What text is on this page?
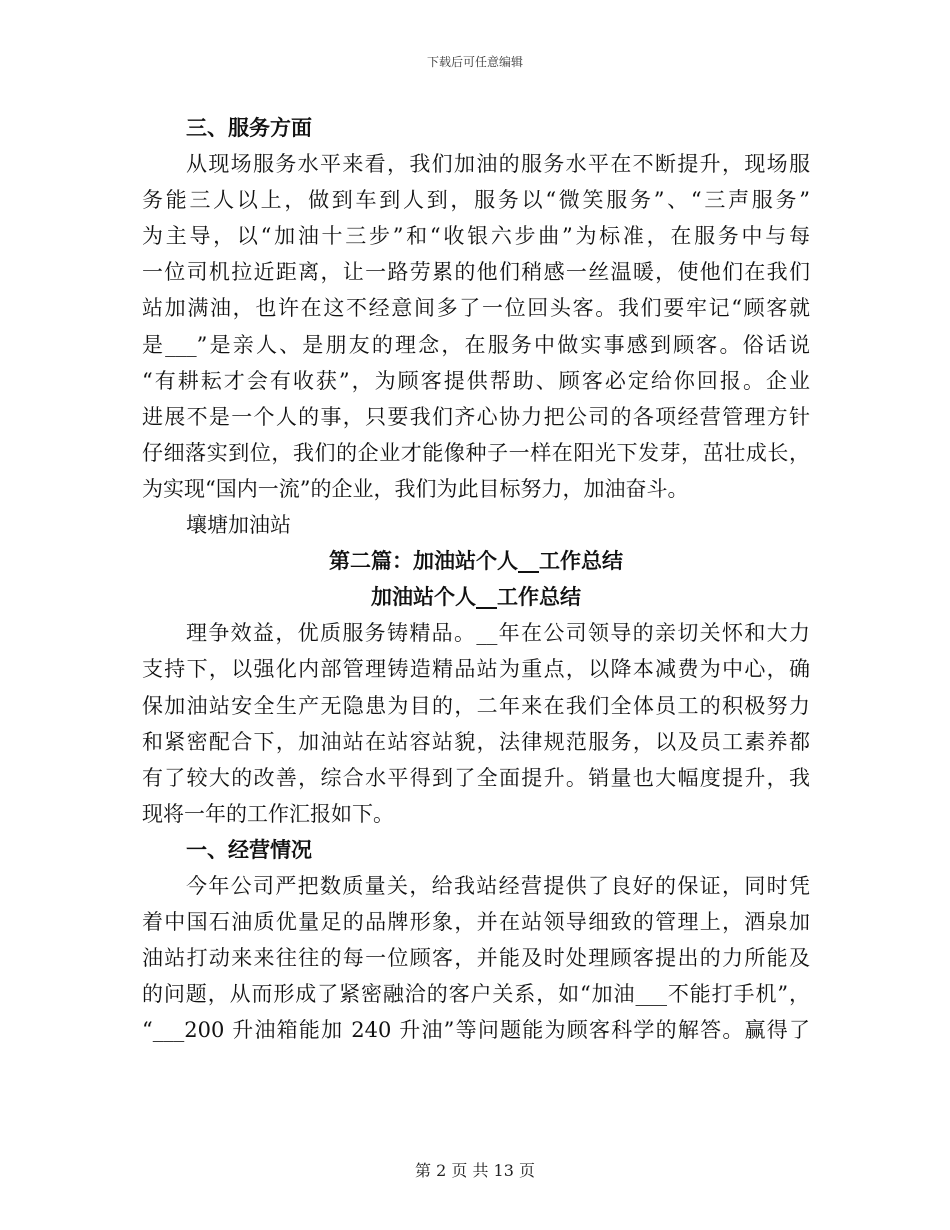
下载后可任意编辑
三、服务方面
从现场服务水平来看，我们加油的服务水平在不断提升，现场服
务能三人以上，做到车到人到，服务以“微笑服务”、“三声服务”
为主导，以“加油十三步”和“收银六步曲”为标准，在服务中与每
一位司机拉近距离，让一路劳累的他们稍感一丝温暖，使他们在我们
站加满油，也许在这不经意间多了一位回头客。我们要牢记“顾客就
是___”是亲人、是朋友的理念，在服务中做实事感到顾客。俗话说
“有耕耘才会有收获”，为顾客提供帮助、顾客必定给你回报。企业
进展不是一个人的事，只要我们齐心协力把公司的各项经营管理方针
仔细落实到位，我们的企业才能像种子一样在阳光下发芽，茁壮成长，
为实现“国内一流”的企业，我们为此目标努力，加油奋斗。
壤塘加油站
第二篇：加油站个人__工作总结
加油站个人__工作总结
理争效益，优质服务铸精品。__年在公司领导的亲切关怀和大力
支持下，以强化内部管理铸造精品站为重点，以降本减费为中心，确
保加油站安全生产无隐患为目的，二年来在我们全体员工的积极努力
和紧密配合下，加油站在站容站貌，法律规范服务，以及员工素养都
有了较大的改善，综合水平得到了全面提升。销量也大幅度提升，我
现将一年的工作汇报如下。
一、经营情况
今年公司严把数质量关，给我站经营提供了良好的保证，同时凭
着中国石油质优量足的品牌形象，并在站领导细致的管理上，酒泉加
油站打动来来往往的每一位顾客，并能及时处理顾客提出的力所能及
的问题，从而形成了紧密融洽的客户关系，如“加油___不能打手机”，
“___200 升油箱能加 240 升油”等问题能为顾客科学的解答。赢得了
第 2 页 共 13 页
